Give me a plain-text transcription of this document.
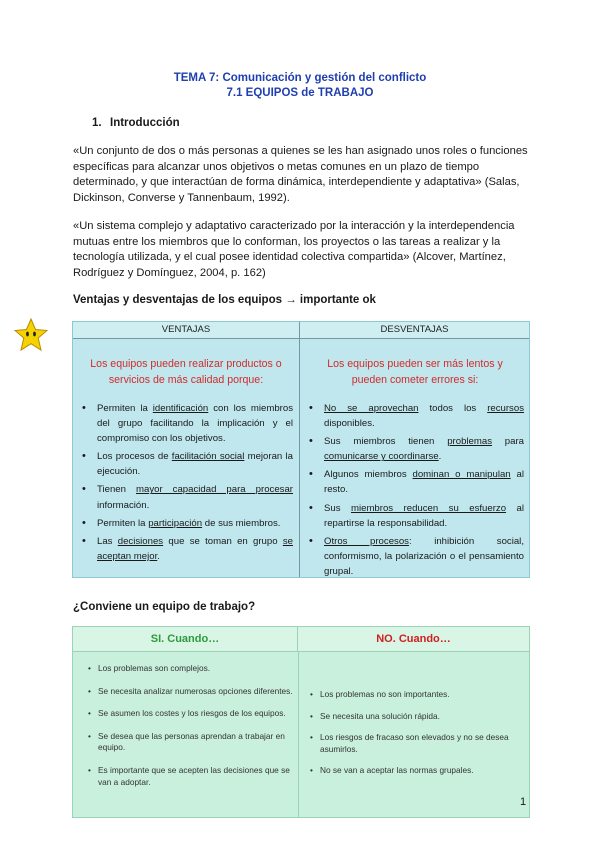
TEMA 7: Comunicación y gestión del conflicto
7.1 EQUIPOS de TRABAJO
1. Introducción
«Un conjunto de dos o más personas a quienes se les han asignado unos roles o funciones específicas para alcanzar unos objetivos o metas comunes en un plazo de tiempo determinado, y que interactúan de forma dinámica, interdependiente y adaptativa» (Salas, Dickinson, Converse y Tannenbaum, 1992).
«Un sistema complejo y adaptativo caracterizado por la interacción y la interdependencia mutuas entre los miembros que lo conforman, los proyectos o las tareas a realizar y la tecnología utilizada, y el cual posee identidad colectiva compartida» (Alcover, Martínez, Rodríguez y Domínguez, 2004, p. 162)
Ventajas y desventajas de los equipos → importante ok
VENTAJAS	DESVENTAJAS
Los equipos pueden realizar productos o servicios de más calidad porque:
• Permiten la identificación con los miembros del grupo facilitando la implicación y el compromiso con los objetivos.
• Los procesos de facilitación social mejoran la ejecución.
• Tienen mayor capacidad para procesar información.
• Permiten la participación de sus miembros.
• Las decisiones que se toman en grupo se aceptan mejor.
Los equipos pueden ser más lentos y pueden cometer errores si:
• No se aprovechan todos los recursos disponibles.
• Sus miembros tienen problemas para comunicarse y coordinarse.
• Algunos miembros dominan o manipulan al resto.
• Sus miembros reducen su esfuerzo al repartirse la responsabilidad.
• Otros procesos: inhibición social, conformismo, la polarización o el pensamiento grupal.
¿Conviene un equipo de trabajo?
SI. Cuando…	NO. Cuando…
• Los problemas son complejos.
• Se necesita analizar numerosas opciones diferentes.
• Se asumen los costes y los riesgos de los equipos.
• Se desea que las personas aprendan a trabajar en equipo.
• Es importante que se acepten las decisiones que se van a adoptar.
• Los problemas no son importantes.
• Se necesita una solución rápida.
• Los riesgos de fracaso son elevados y no se desea asumirlos.
• No se van a aceptar las normas grupales.
1
